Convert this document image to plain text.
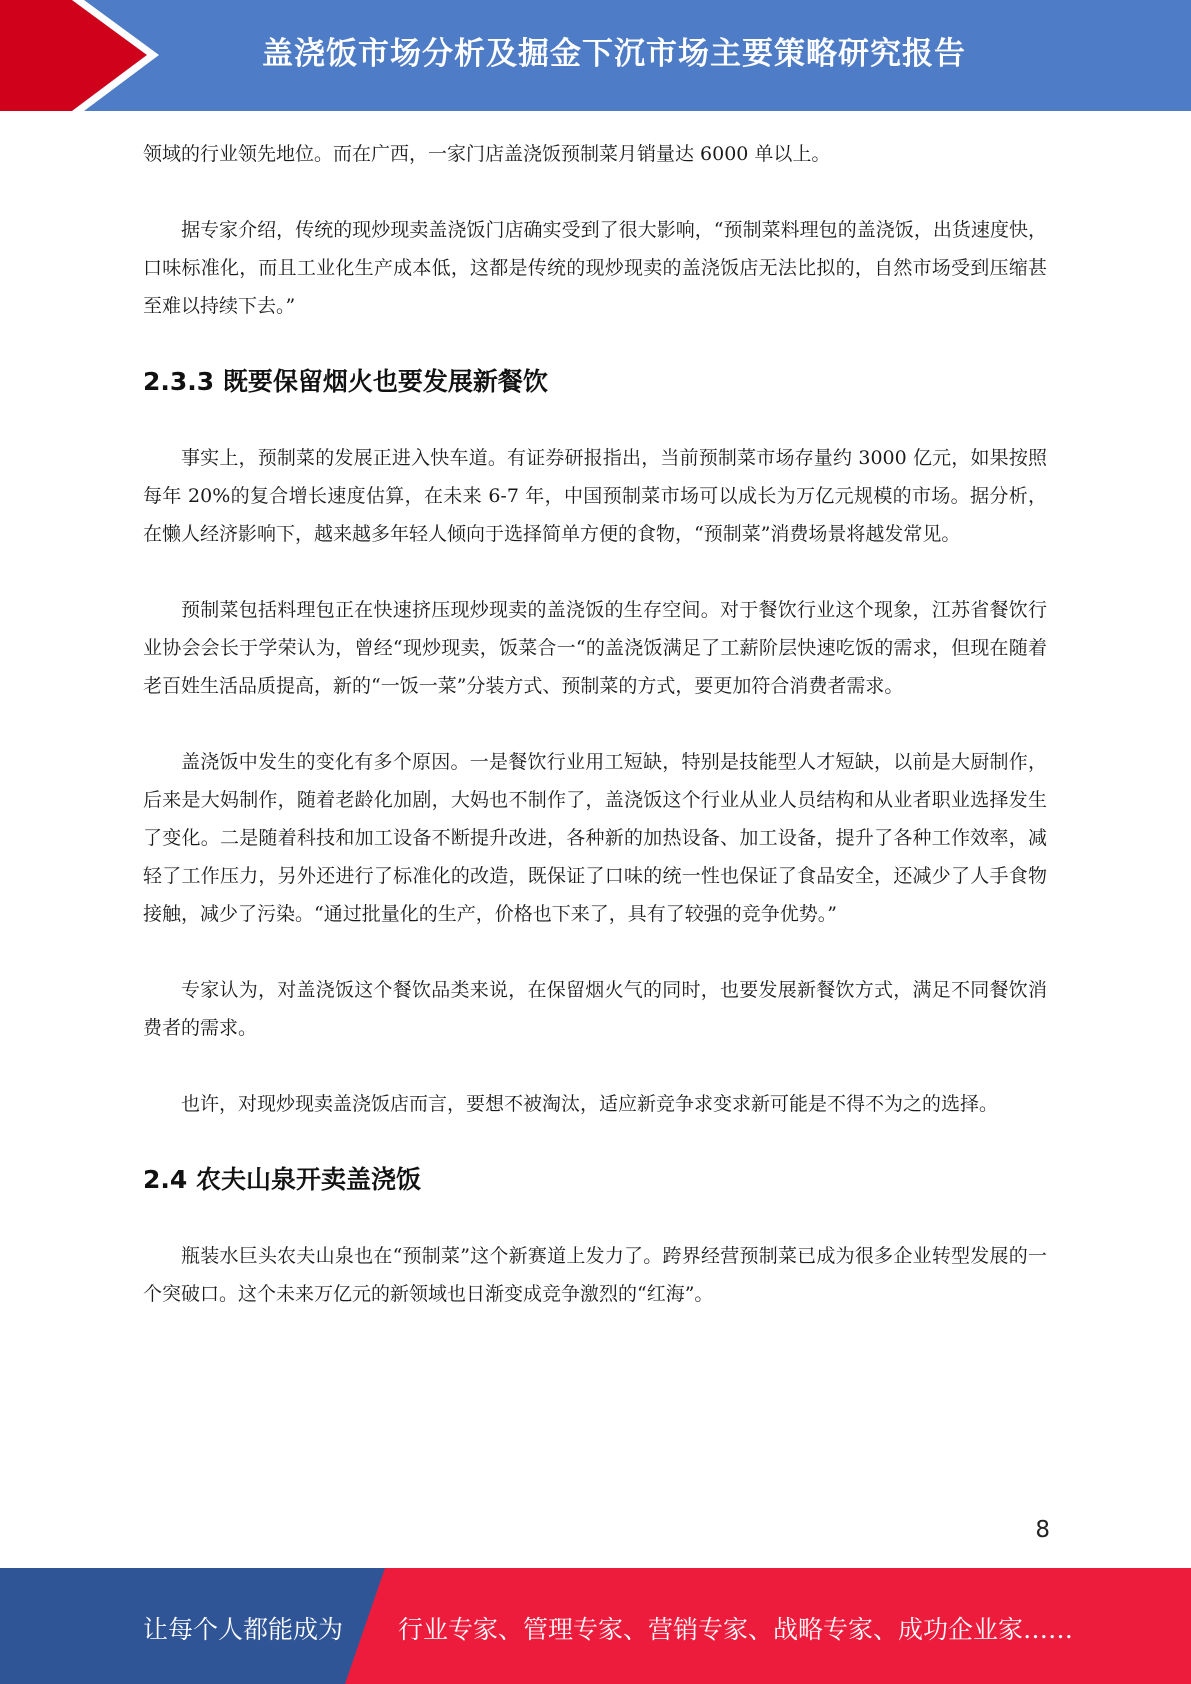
盖浇饭市场分析及掘金下沉市场主要策略研究报告

领域的行业领先地位。而在广西，一家门店盖浇饭预制菜月销量达 6000 单以上。

据专家介绍，传统的现炒现卖盖浇饭门店确实受到了很大影响，“预制菜料理包的盖浇饭，出货速度快，口味标准化，而且工业化生产成本低，这都是传统的现炒现卖的盖浇饭店无法比拟的，自然市场受到压缩甚至难以持续下去。”

2.3.3 既要保留烟火也要发展新餐饮

事实上，预制菜的发展正进入快车道。有证券研报指出，当前预制菜市场存量约 3000 亿元，如果按照每年 20%的复合增长速度估算，在未来 6-7 年，中国预制菜市场可以成长为万亿元规模的市场。据分析，在懒人经济影响下，越来越多年轻人倾向于选择简单方便的食物，“预制菜”消费场景将越发常见。

预制菜包括料理包正在快速挤压现炒现卖的盖浇饭的生存空间。对于餐饮行业这个现象，江苏省餐饮行业协会会长于学荣认为，曾经“现炒现卖，饭菜合一“的盖浇饭满足了工薪阶层快速吃饭的需求，但现在随着老百姓生活品质提高，新的“一饭一菜”分装方式、预制菜的方式，要更加符合消费者需求。

盖浇饭中发生的变化有多个原因。一是餐饮行业用工短缺，特别是技能型人才短缺，以前是大厨制作，后来是大妈制作，随着老龄化加剧，大妈也不制作了，盖浇饭这个行业从业人员结构和从业者职业选择发生了变化。二是随着科技和加工设备不断提升改进，各种新的加热设备、加工设备，提升了各种工作效率，减轻了工作压力，另外还进行了标准化的改造，既保证了口味的统一性也保证了食品安全，还减少了人手食物接触，减少了污染。“通过批量化的生产，价格也下来了，具有了较强的竞争优势。”

专家认为，对盖浇饭这个餐饮品类来说，在保留烟火气的同时，也要发展新餐饮方式，满足不同餐饮消费者的需求。

也许，对现炒现卖盖浇饭店而言，要想不被淘汰，适应新竞争求变求新可能是不得不为之的选择。

2.4 农夫山泉开卖盖浇饭

瓶装水巨头农夫山泉也在“预制菜”这个新赛道上发力了。跨界经营预制菜已成为很多企业转型发展的一个突破口。这个未来万亿元的新领域也日渐变成竞争激烈的“红海”。

8
让每个人都能成为 行业专家、管理专家、营销专家、战略专家、成功企业家……
